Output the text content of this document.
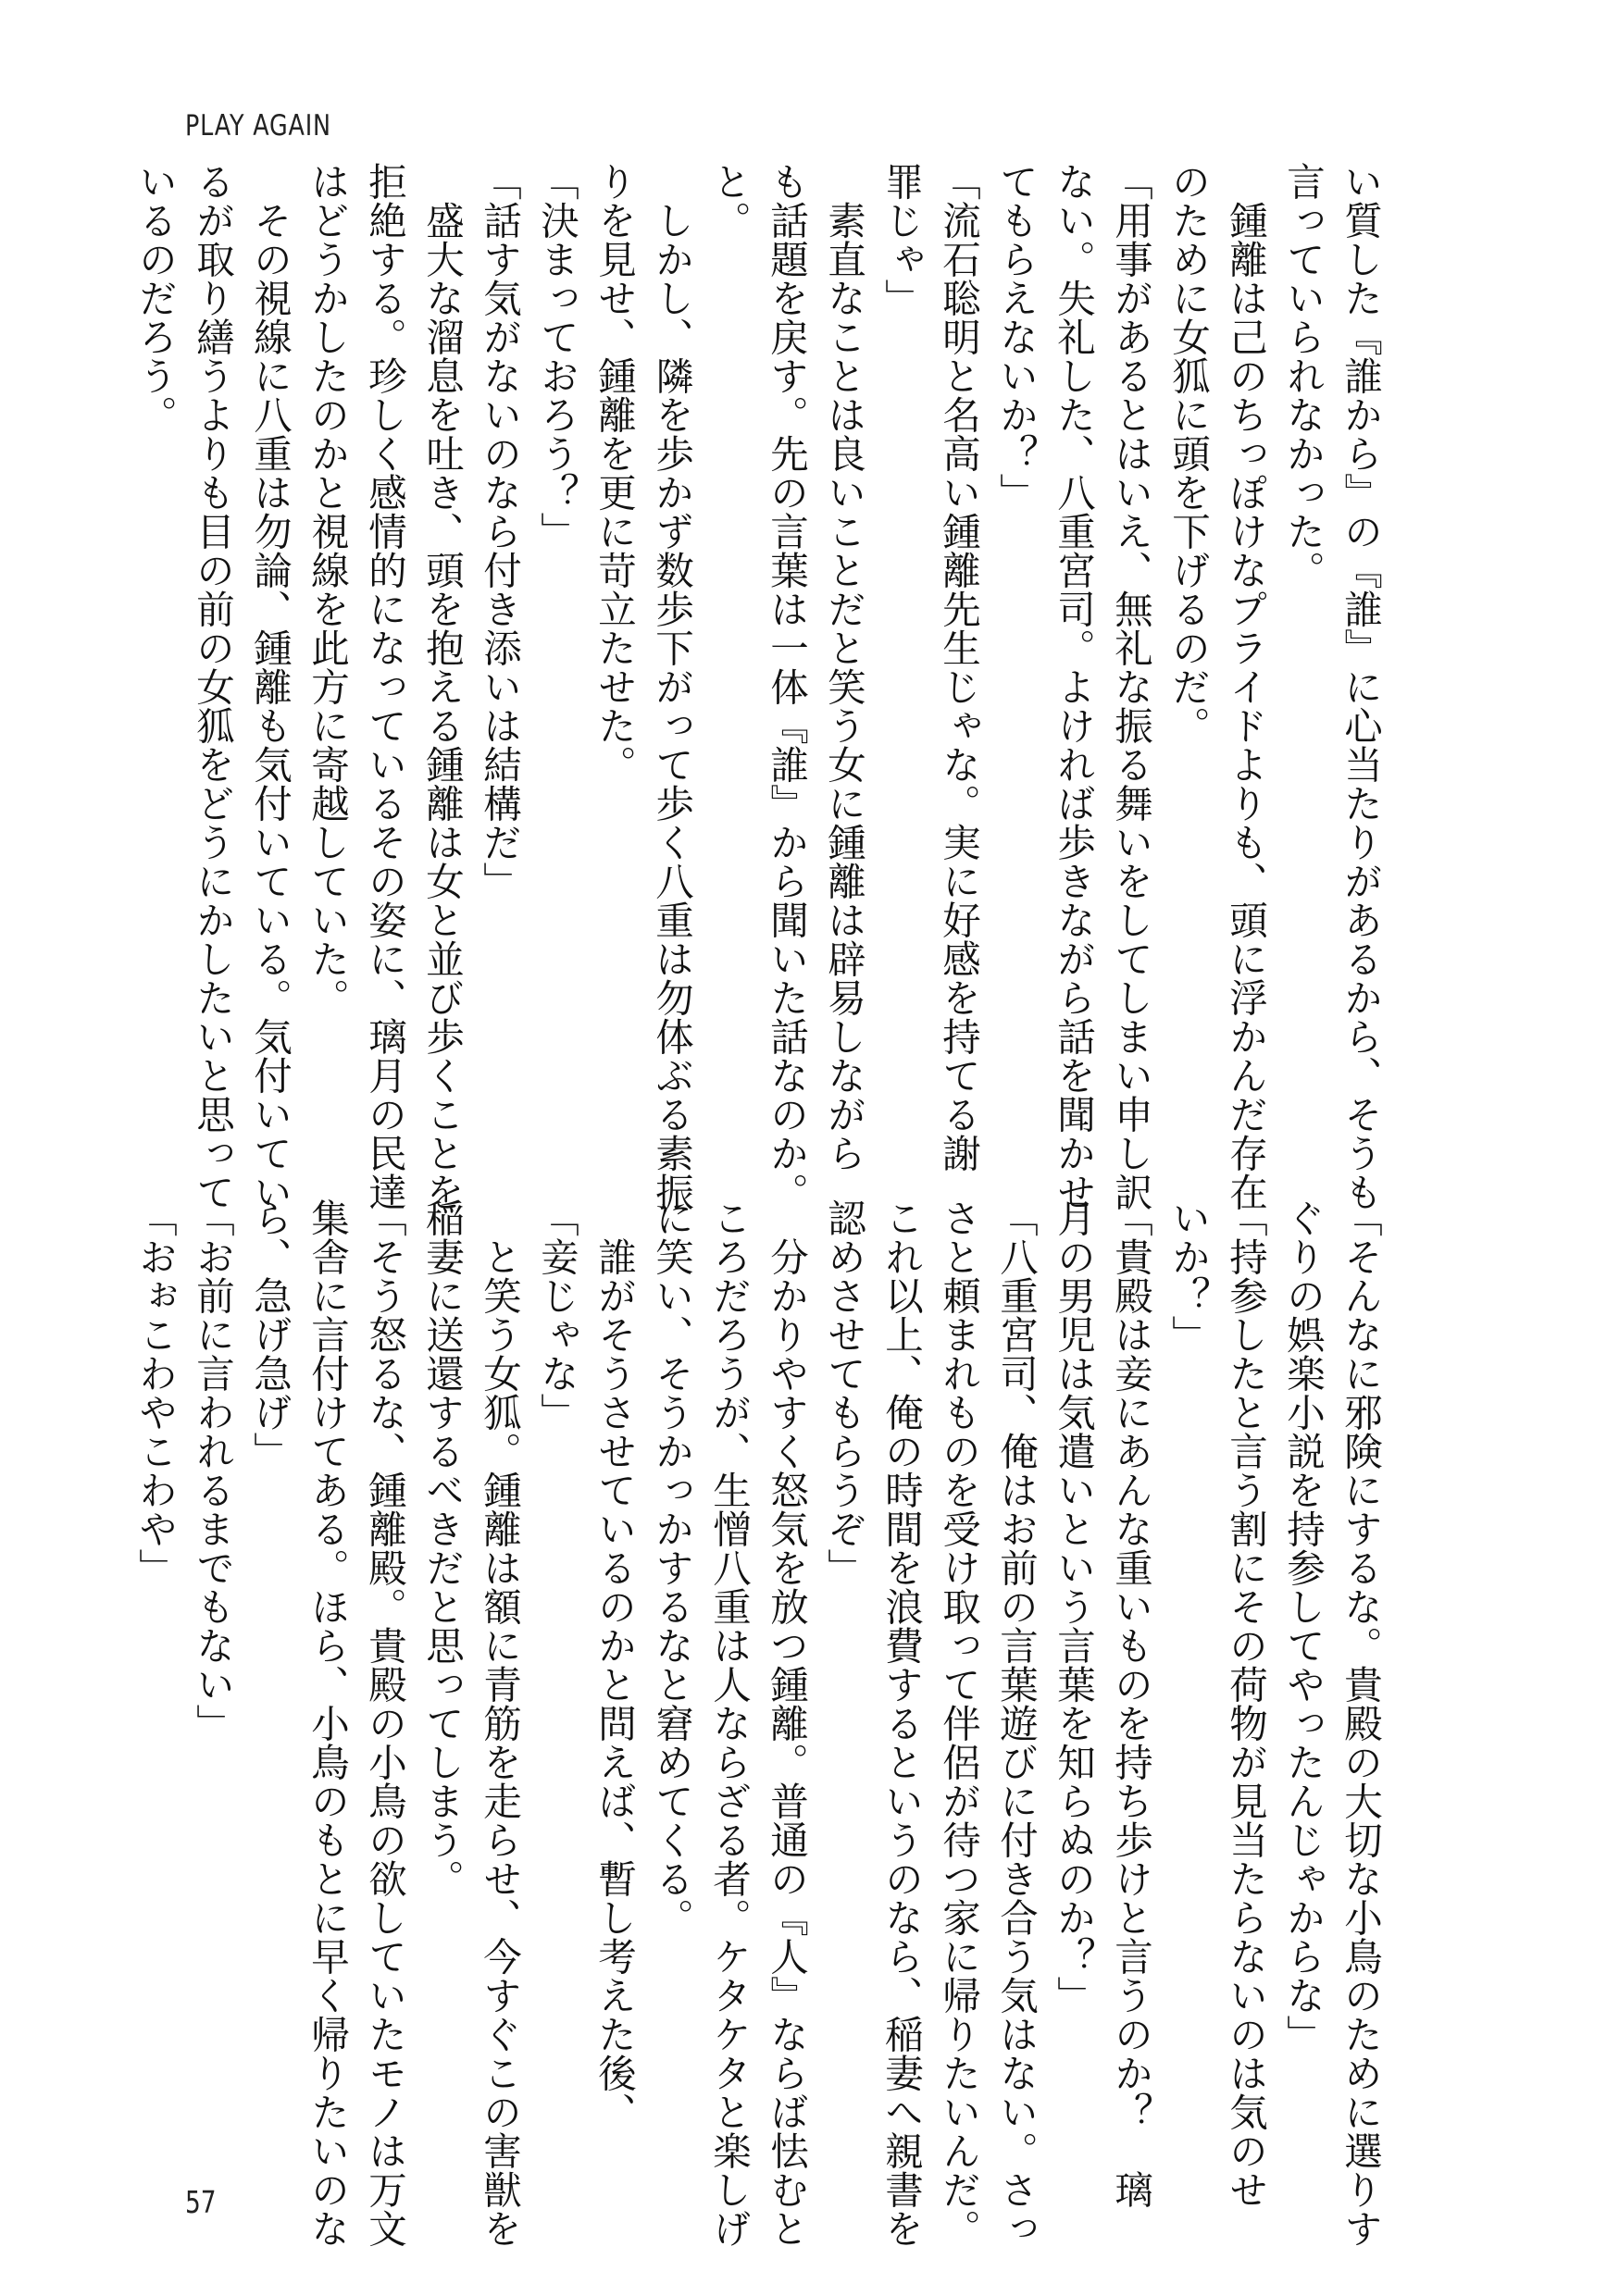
PLAY AGAIN
い質した『誰から』の『誰』に心当たりがあるから、そうも
言っていられなかった。
　鍾離は己のちっぽけなプライドよりも、頭に浮かんだ存在
のために女狐に頭を下げるのだ。
「用事があるとはいえ、無礼な振る舞いをしてしまい申し訳
ない。失礼した、八重宮司。よければ歩きながら話を聞かせ
てもらえないか？」
「流石聡明と名高い鍾離先生じゃな。実に好感を持てる謝
罪じゃ」
　素直なことは良いことだと笑う女に鍾離は辟易しながら
も話題を戻す。先の言葉は一体『誰』から聞いた話なのか。
と。
　しかし、隣を歩かず数歩下がって歩く八重は勿体ぶる素振
りを見せ、鍾離を更に苛立たせた。
「決まっておろう？」
「話す気がないのなら付き添いは結構だ」
　盛大な溜息を吐き、頭を抱える鍾離は女と並び歩くことを
拒絶する。珍しく感情的になっているその姿に、璃月の民達
はどうかしたのかと視線を此方に寄越していた。
　その視線に八重は勿論、鍾離も気付いている。気付いてい
るが取り繕うよりも目の前の女狐をどうにかしたいと思って
いるのだろう。
「そんなに邪険にするな。貴殿の大切な小鳥のために選りす
ぐりの娯楽小説を持参してやったんじゃからな」
「持参したと言う割にその荷物が見当たらないのは気のせ
いか？」
「貴殿は妾にあんな重いものを持ち歩けと言うのか？　璃
月の男児は気遣いという言葉を知らぬのか？」
「八重宮司、俺はお前の言葉遊びに付き合う気はない。さっ
さと頼まれものを受け取って伴侶が待つ家に帰りたいんだ。
これ以上、俺の時間を浪費するというのなら、稲妻へ親書を
認めさせてもらうぞ」
　分かりやすく怒気を放つ鍾離。普通の『人』ならば怯むと
ころだろうが、生憎八重は人ならざる者。ケタケタと楽しげ
に笑い、そうかっかするなと窘めてくる。
　誰がそうさせているのかと問えば、暫し考えた後、
「妾じゃな」
　と笑う女狐。鍾離は額に青筋を走らせ、今すぐこの害獣を
稲妻に送還するべきだと思ってしまう。
「そう怒るな、鍾離殿。貴殿の小鳥の欲していたモノは万文
集舎に言付けてある。ほら、小鳥のもとに早く帰りたいのな
ら、急げ急げ」
「お前に言われるまでもない」
「おぉこわやこわや」
57
